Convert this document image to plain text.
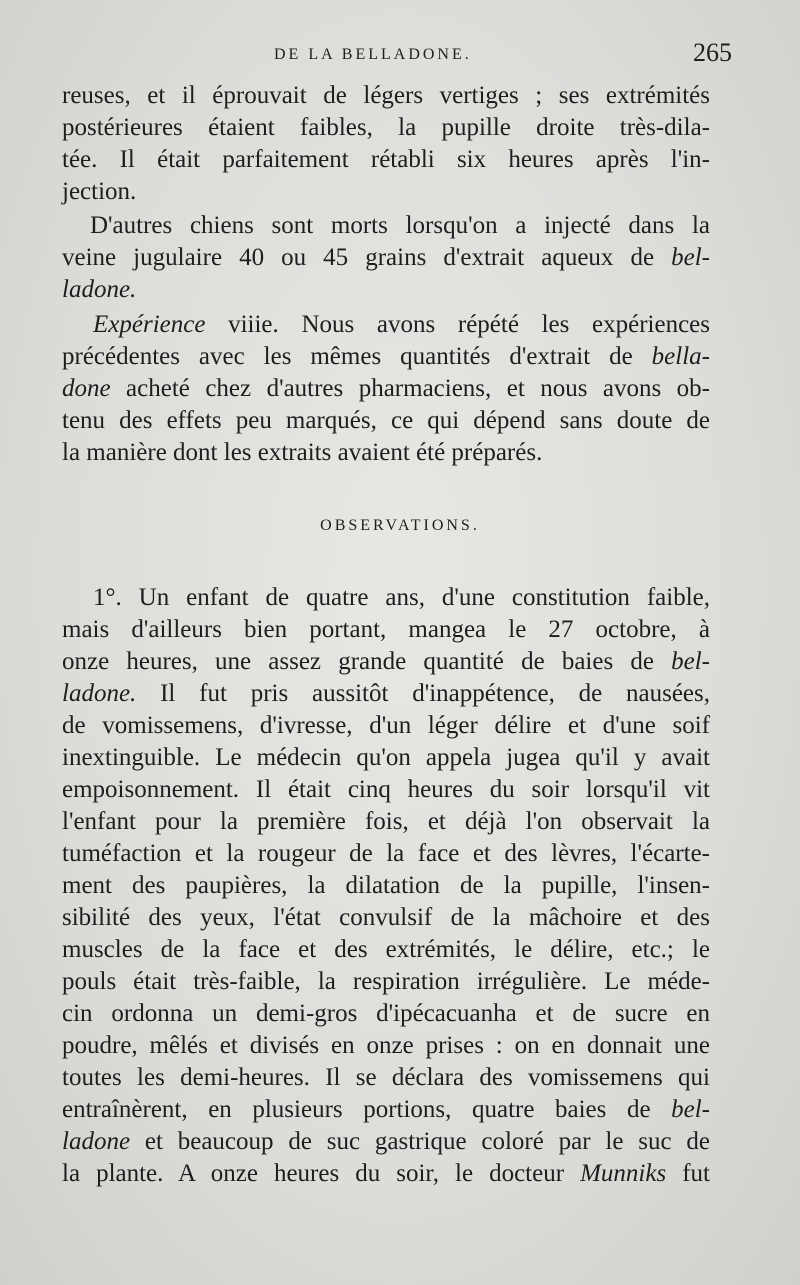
DE LA BELLADONE.	265
reuses, et il éprouvait de légers vertiges ; ses extrémités
postérieures étaient faibles, la pupille droite très-dila-
tée. Il était parfaitement rétabli six heures après l'in-
jection.
D'autres chiens sont morts lorsqu'on a injecté dans la
veine jugulaire 40 ou 45 grains d'extrait aqueux de bel-
ladone.
Expérience viiie. Nous avons répété les expériences
précédentes avec les mêmes quantités d'extrait de bella-
done acheté chez d'autres pharmaciens, et nous avons ob-
tenu des effets peu marqués, ce qui dépend sans doute de
la manière dont les extraits avaient été préparés.
OBSERVATIONS.
1°. Un enfant de quatre ans, d'une constitution faible,
mais d'ailleurs bien portant, mangea le 27 octobre, à
onze heures, une assez grande quantité de baies de bel-
ladone. Il fut pris aussitôt d'inappétence, de nausées,
de vomissemens, d'ivresse, d'un léger délire et d'une soif
inextinguible. Le médecin qu'on appela jugea qu'il y avait
empoisonnement. Il était cinq heures du soir lorsqu'il vit
l'enfant pour la première fois, et déjà l'on observait la
tuméfaction et la rougeur de la face et des lèvres, l'écarte-
ment des paupières, la dilatation de la pupille, l'insen-
sibilité des yeux, l'état convulsif de la mâchoire et des
muscles de la face et des extrémités, le délire, etc.; le
pouls était très-faible, la respiration irrégulière. Le méde-
cin ordonna un demi-gros d'ipécacuanha et de sucre en
poudre, mêlés et divisés en onze prises : on en donnait une
toutes les demi-heures. Il se déclara des vomissemens qui
entraînèrent, en plusieurs portions, quatre baies de bel-
ladone et beaucoup de suc gastrique coloré par le suc de
la plante. A onze heures du soir, le docteur Munniks fut
